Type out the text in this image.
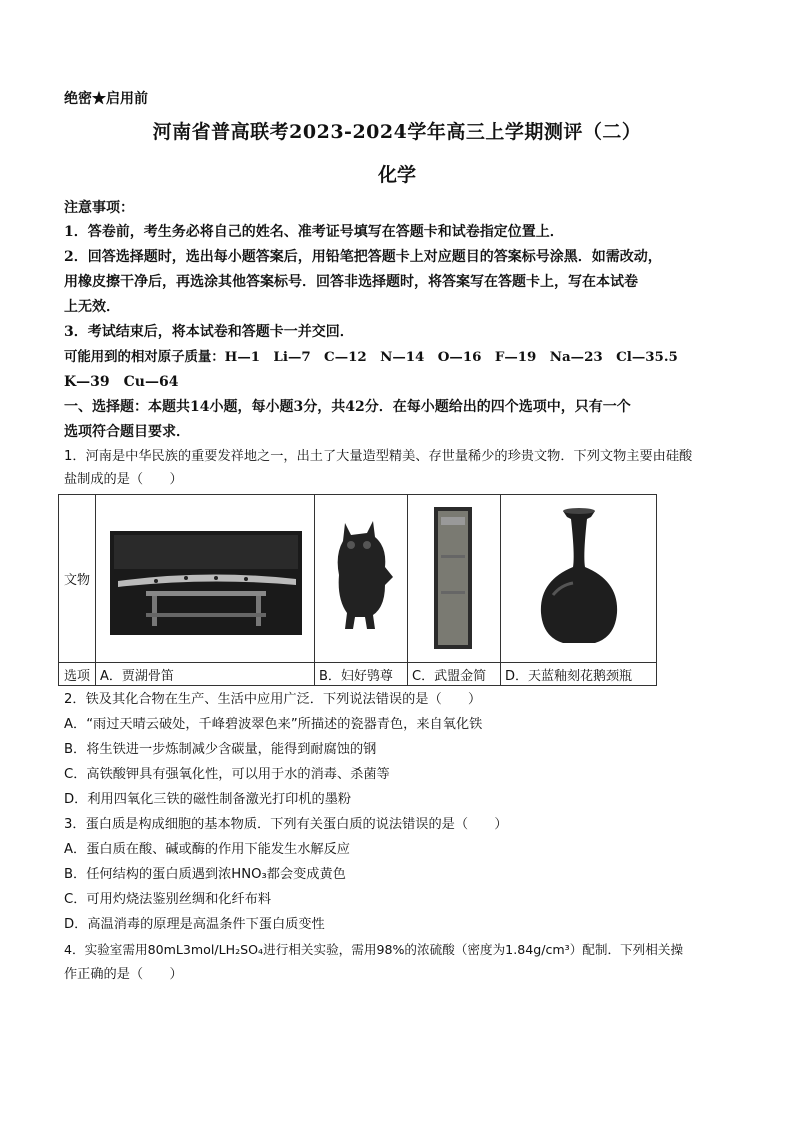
绝密★启用前
河南省普高联考2023-2024学年高三上学期测评（二）
化学
注意事项：
1．答卷前，考生务必将自己的姓名、准考证号填写在答题卡和试卷指定位置上．
2．回答选择题时，选出每小题答案后，用铅笔把答题卡上对应题目的答案标号涂黑．如需改动，
用橡皮擦干净后，再选涂其他答案标号．回答非选择题时，将答案写在答题卡上，写在本试卷
上无效．
3．考试结束后，将本试卷和答题卡一并交回．
可能用到的相对原子质量：H—1　Li—7　C—12　N—14　O—16　F—19　Na—23　Cl—35.5
K—39　Cu—64
一、选择题：本题共14小题，每小题3分，共42分．在每小题给出的四个选项中，只有一个
选项符合题目要求．
1．河南是中华民族的重要发祥地之一，出土了大量造型精美、存世量稀少的珍贵文物．下列文物主要由硅酸
盐制成的是（　　）
文物	

选项	A．贾湖骨笛	B．妇好鸮尊	C．武盟金简	D．天蓝釉刻花鹅颈瓶
2．铁及其化合物在生产、生活中应用广泛．下列说法错误的是（　　）
A．“雨过天晴云破处，千峰碧波翠色来”所描述的瓷器青色，来自氧化铁
B．将生铁进一步炼制减少含碳量，能得到耐腐蚀的钢
C．高铁酸钾具有强氧化性，可以用于水的消毒、杀菌等
D．利用四氧化三铁的磁性制备激光打印机的墨粉
3．蛋白质是构成细胞的基本物质．下列有关蛋白质的说法错误的是（　　）
A．蛋白质在酸、碱或酶的作用下能发生水解反应
B．任何结构的蛋白质遇到浓HNO₃都会变成黄色
C．可用灼烧法鉴别丝绸和化纤布料
D．高温消毒的原理是高温条件下蛋白质变性
4．实验室需用80mL3mol/LH₂SO₄进行相关实验，需用98%的浓硫酸（密度为1.84g/cm³）配制．下列相关操
作正确的是（　　）
